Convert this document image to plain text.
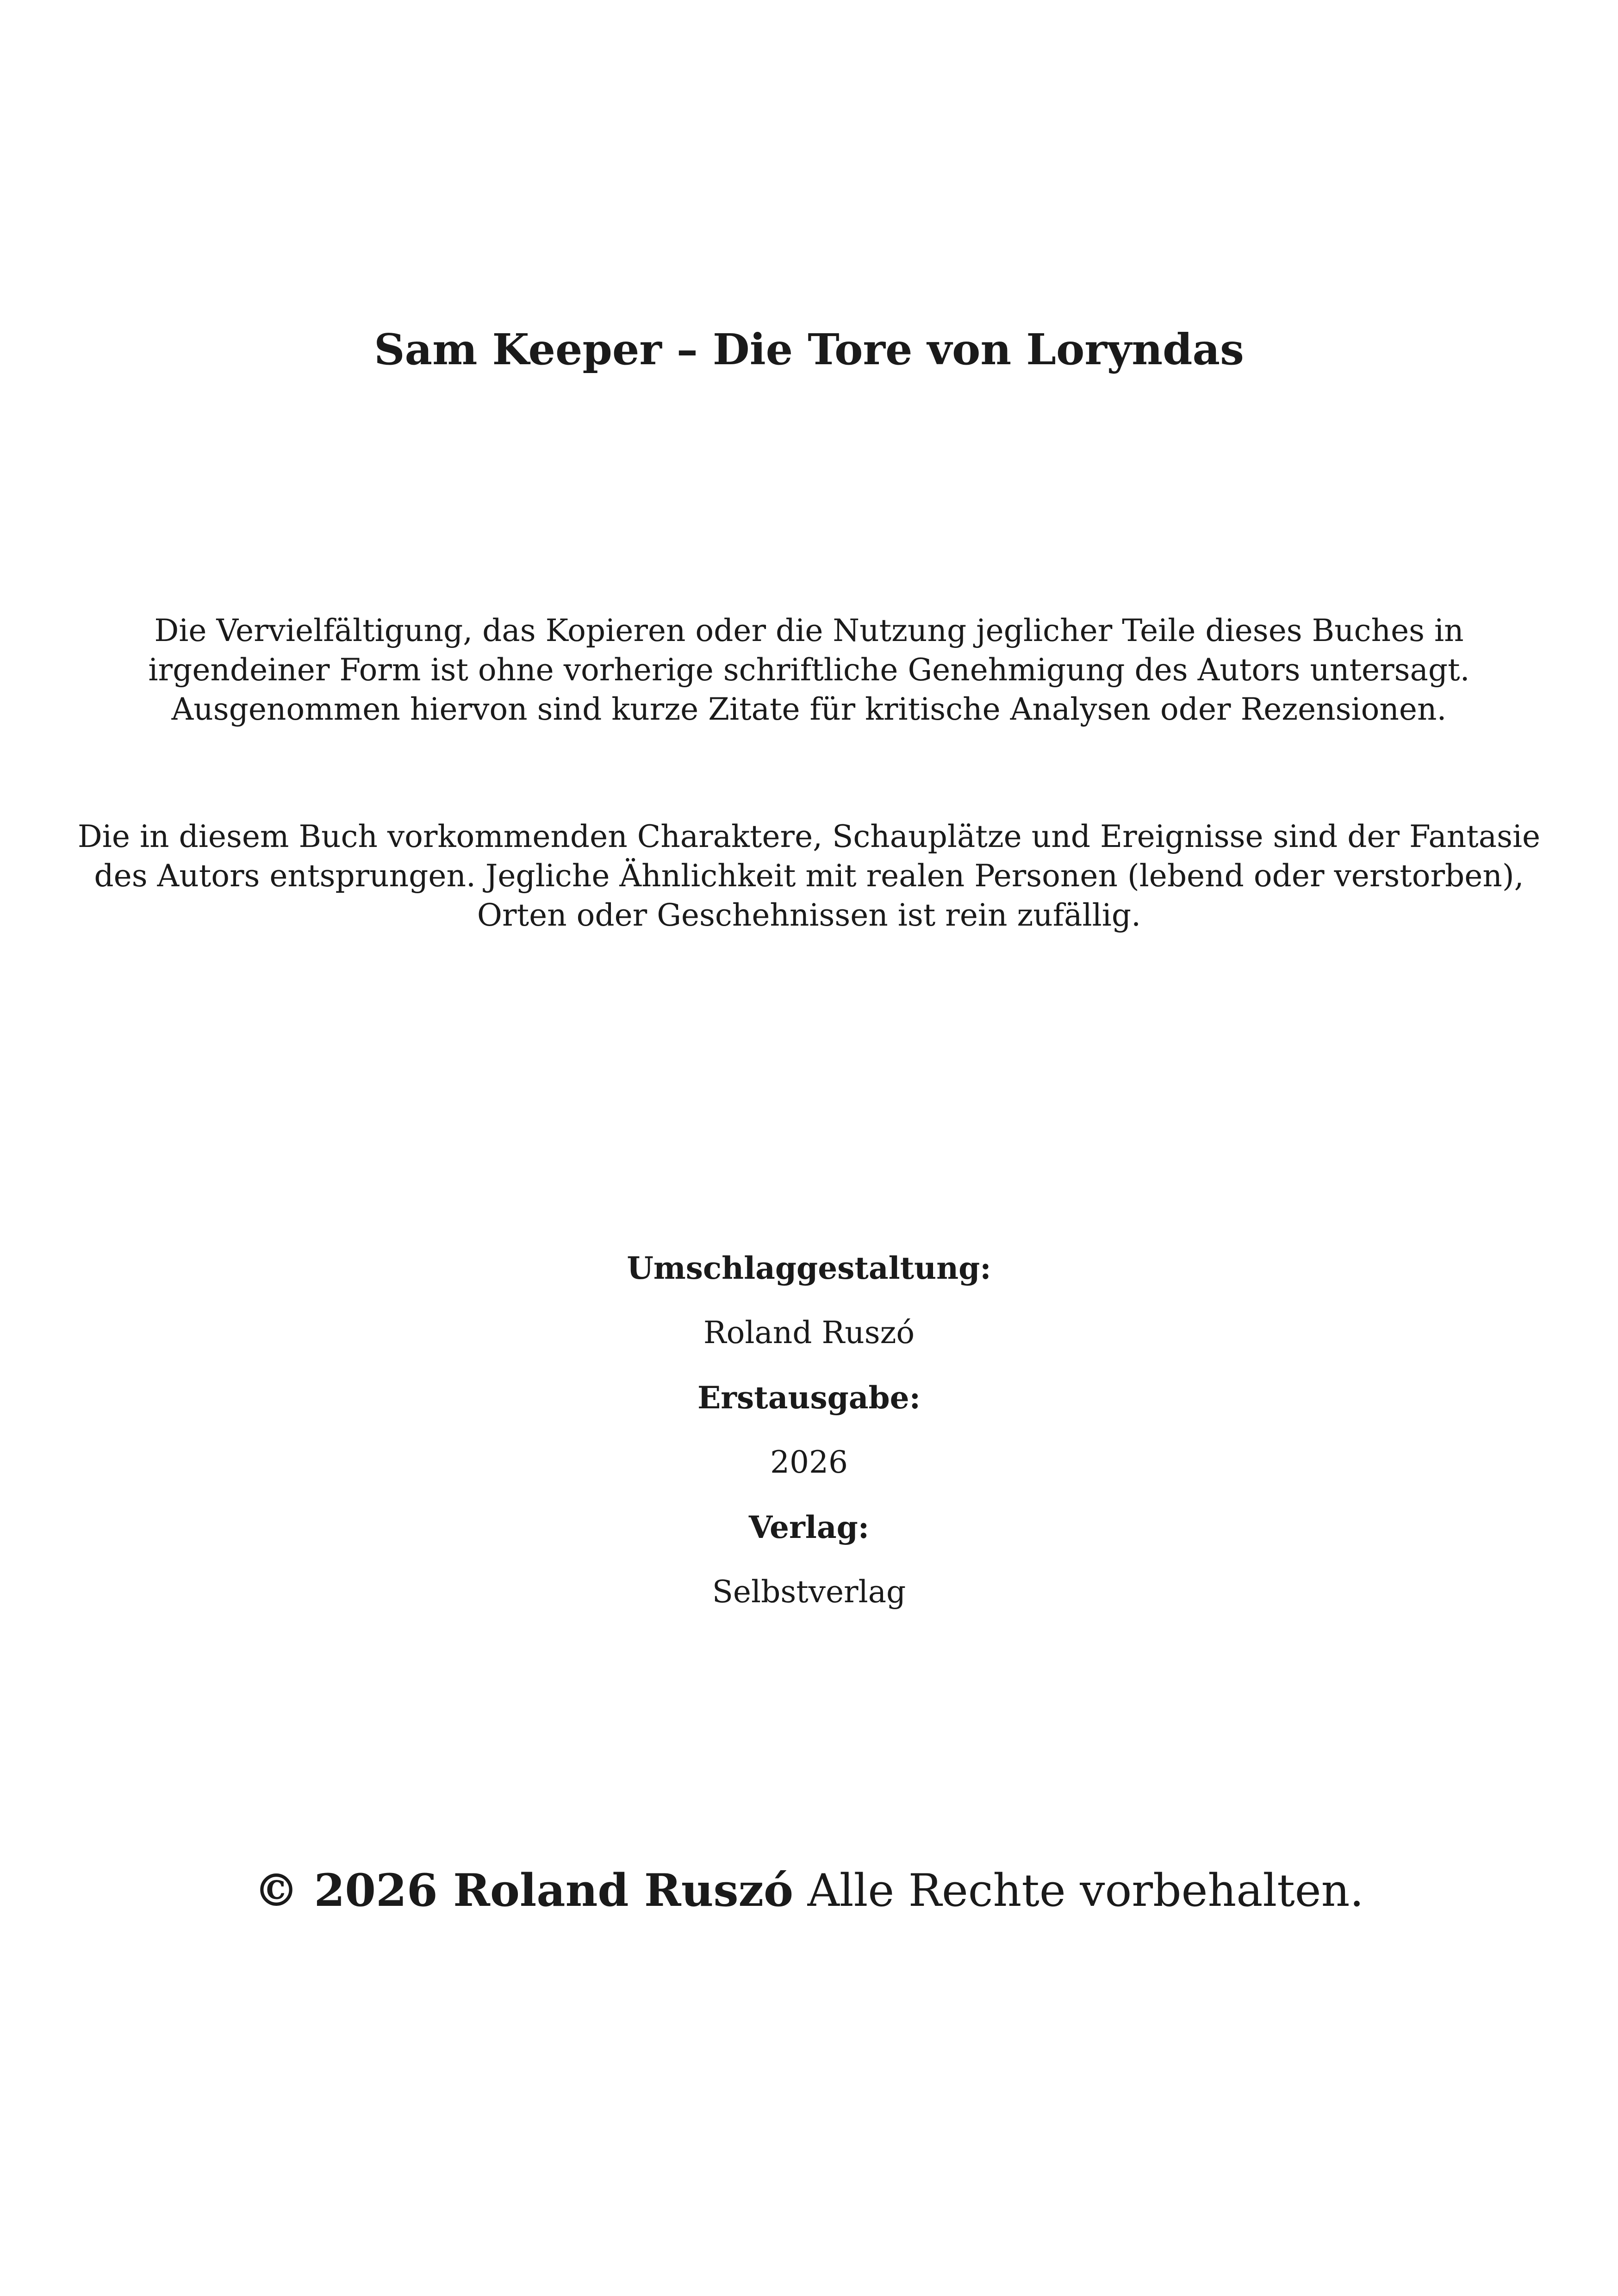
Sam Keeper – Die Tore von Loryndas
Die Vervielfältigung, das Kopieren oder die Nutzung jeglicher Teile dieses Buches in
irgendeiner Form ist ohne vorherige schriftliche Genehmigung des Autors untersagt.
Ausgenommen hiervon sind kurze Zitate für kritische Analysen oder Rezensionen.
Die in diesem Buch vorkommenden Charaktere, Schauplätze und Ereignisse sind der Fantasie
des Autors entsprungen. Jegliche Ähnlichkeit mit realen Personen (lebend oder verstorben),
Orten oder Geschehnissen ist rein zufällig.
Umschlaggestaltung:
Roland Ruszó
Erstausgabe:
2026
Verlag:
Selbstverlag
© 2026 Roland Ruszó Alle Rechte vorbehalten.
